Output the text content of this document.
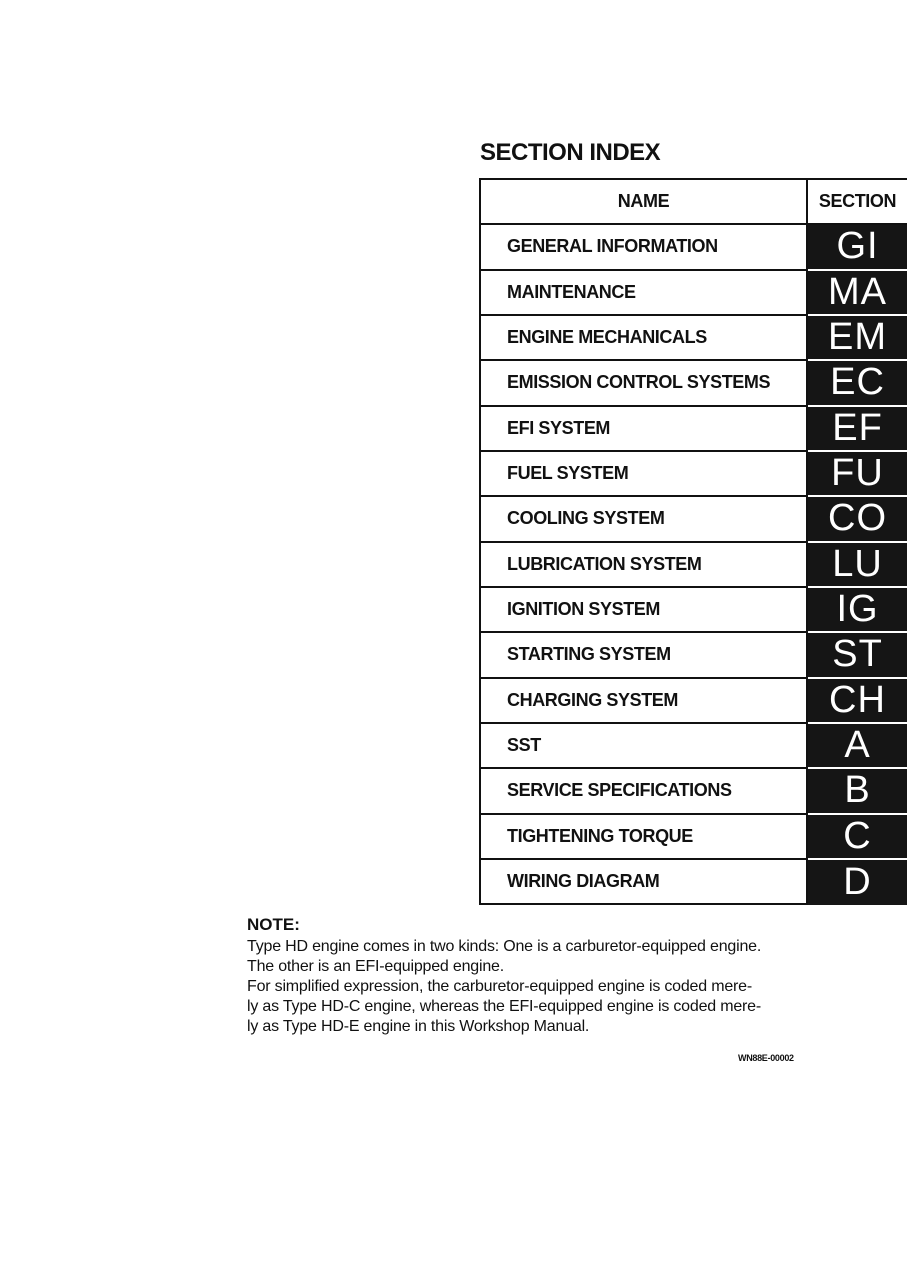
SECTION INDEX
NAME	SECTION
GENERAL INFORMATION	GI
MAINTENANCE	MA
ENGINE MECHANICALS	EM
EMISSION CONTROL SYSTEMS	EC
EFI SYSTEM	EF
FUEL SYSTEM	FU
COOLING SYSTEM	CO
LUBRICATION SYSTEM	LU
IGNITION SYSTEM	IG
STARTING SYSTEM	ST
CHARGING SYSTEM	CH
SST	A
SERVICE SPECIFICATIONS	B
TIGHTENING TORQUE	C
WIRING DIAGRAM	D
NOTE:
Type HD engine comes in two kinds: One is a carburetor-equipped engine.
The other is an EFI-equipped engine.
For simplified expression, the carburetor-equipped engine is coded mere-
ly as Type HD-C engine, whereas the EFI-equipped engine is coded mere-
ly as Type HD-E engine in this Workshop Manual.
WN88E-00002
